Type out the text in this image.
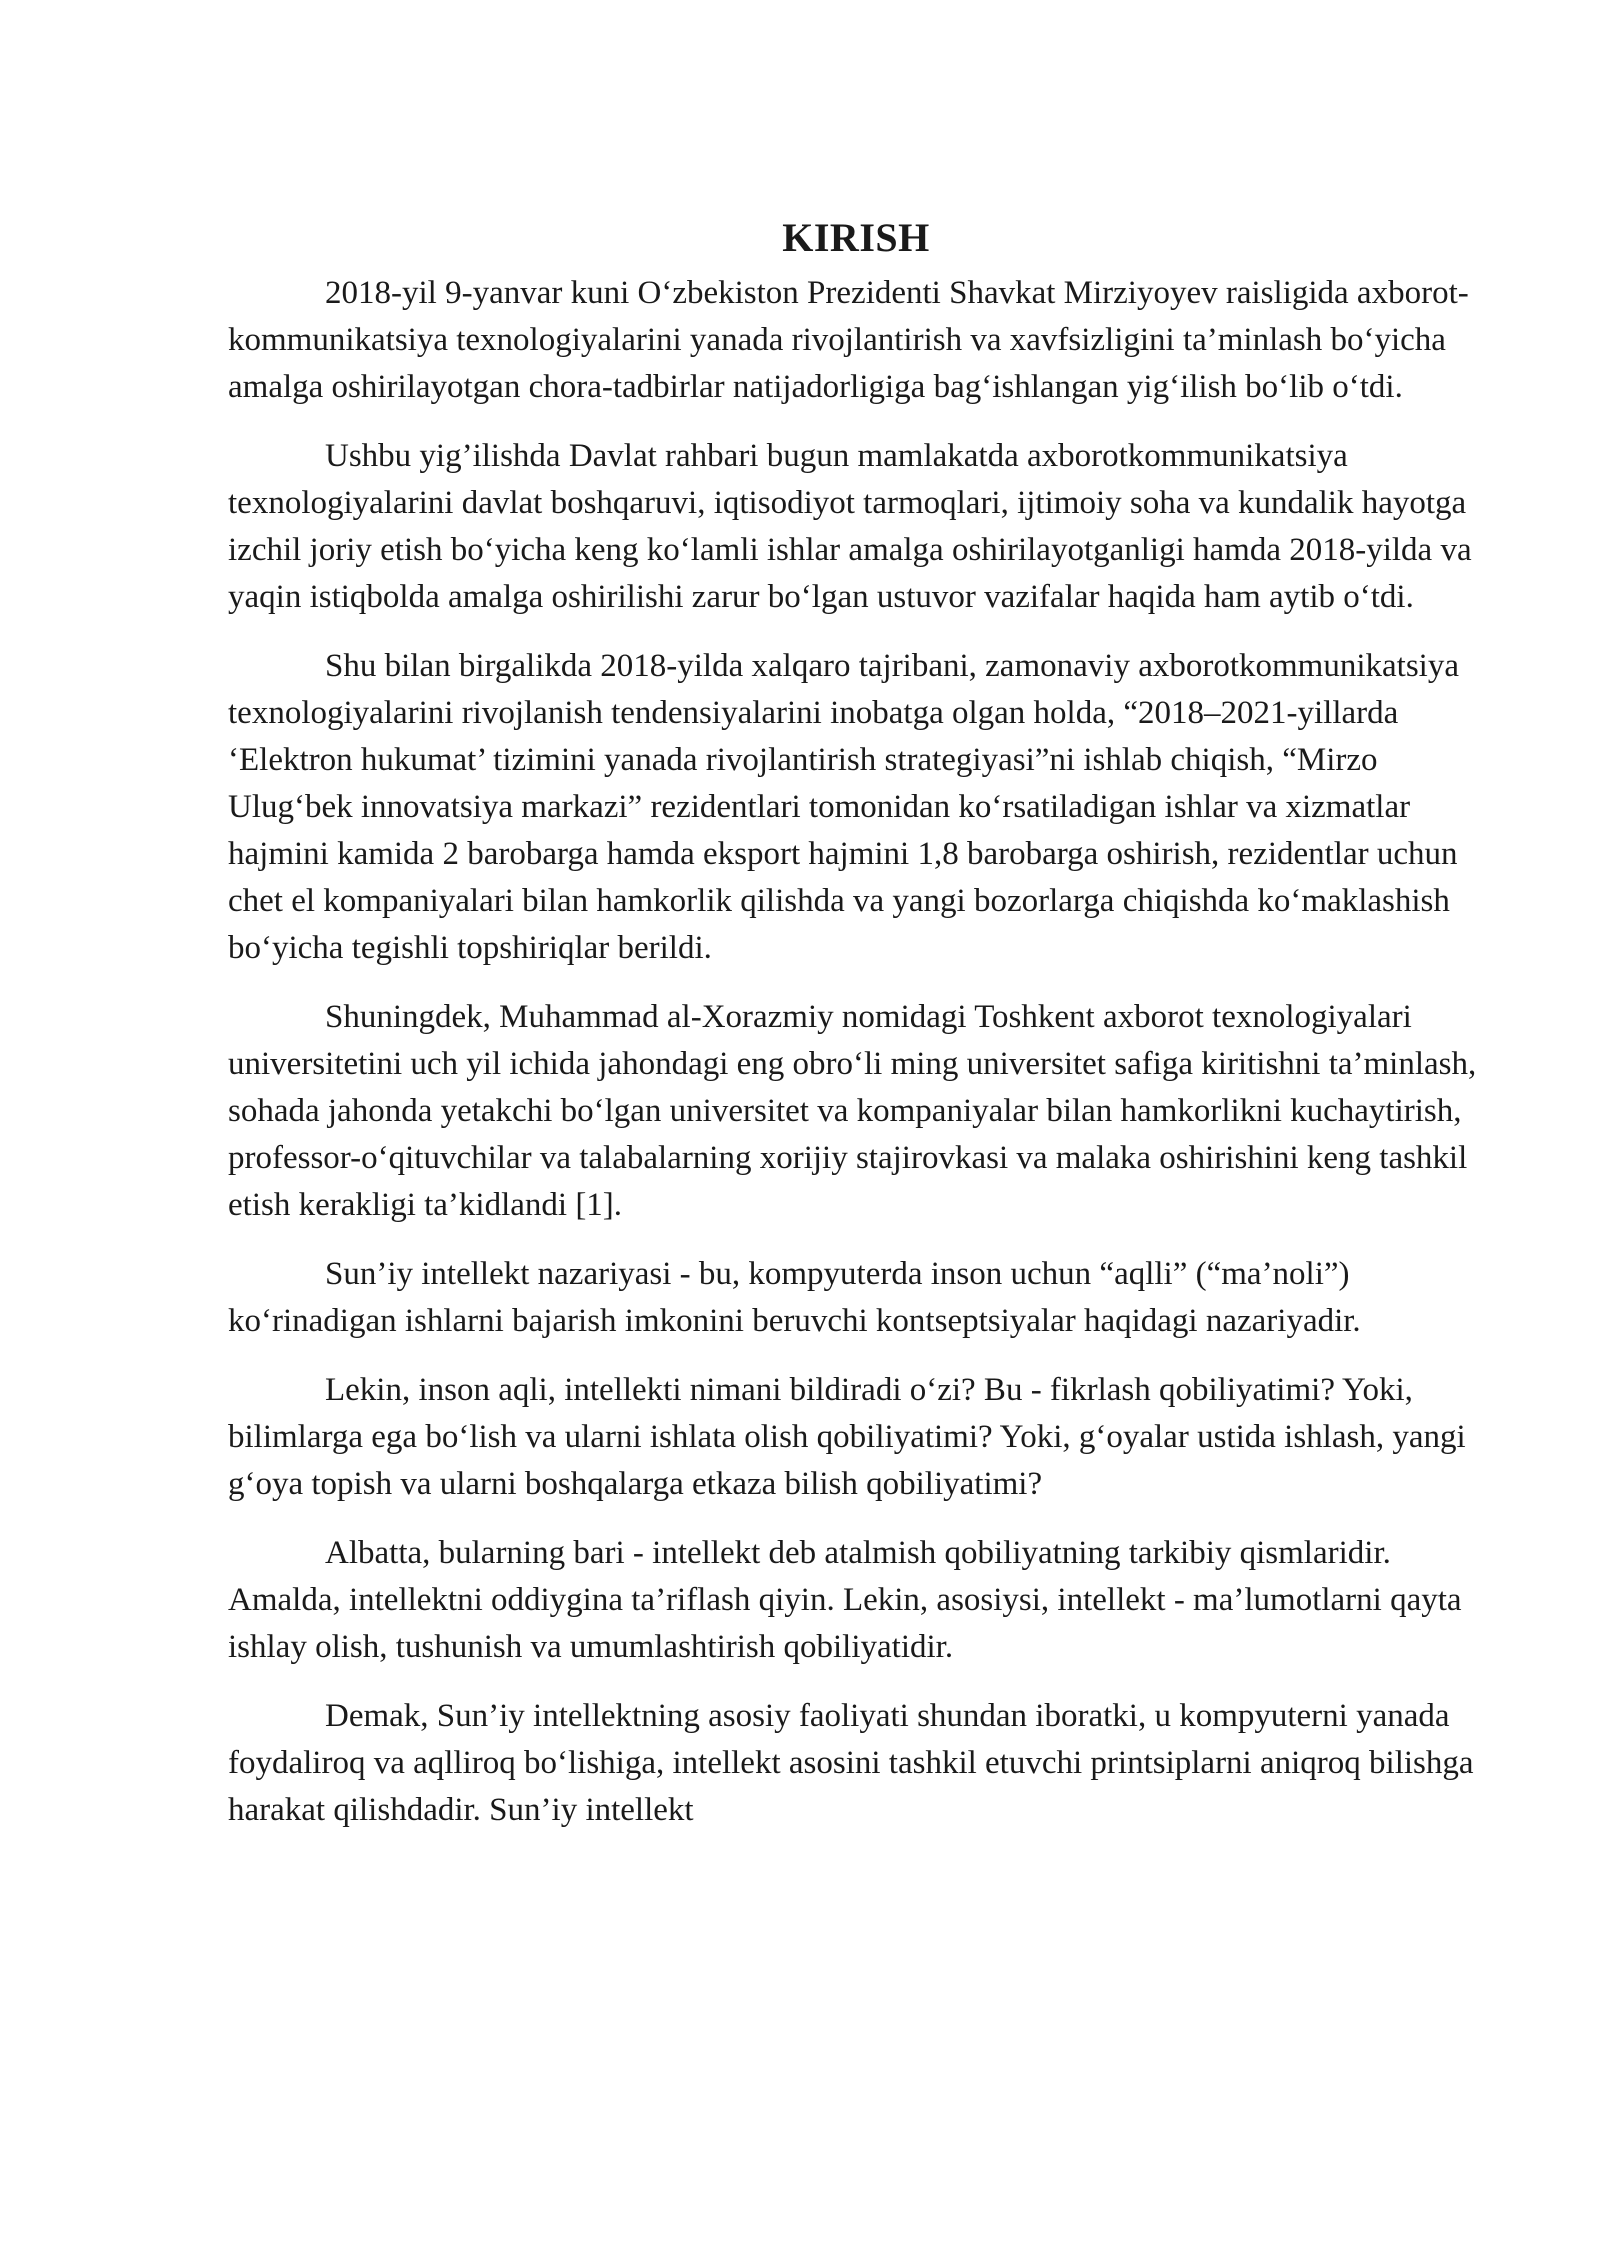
KIRISH

2018-yil 9-yanvar kuni O‘zbekiston Prezidenti Shavkat Mirziyoyev raisligida axborot-kommunikatsiya texnologiyalarini yanada rivojlantirish va xavfsizligini ta’minlash bo‘yicha amalga oshirilayotgan chora-tadbirlar natijadorligiga bag‘ishlangan yig‘ilish bo‘lib o‘tdi.

Ushbu yig’ilishda Davlat rahbari bugun mamlakatda axborotkommunikatsiya texnologiyalarini davlat boshqaruvi, iqtisodiyot tarmoqlari, ijtimoiy soha va kundalik hayotga izchil joriy etish bo‘yicha keng ko‘lamli ishlar amalga oshirilayotganligi hamda 2018-yilda va yaqin istiqbolda amalga oshirilishi zarur bo‘lgan ustuvor vazifalar haqida ham aytib o‘tdi.

Shu bilan birgalikda 2018-yilda xalqaro tajribani, zamonaviy axborotkommunikatsiya texnologiyalarini rivojlanish tendensiyalarini inobatga olgan holda, “2018–2021-yillarda ‘Elektron hukumat’ tizimini yanada rivojlantirish strategiyasi”ni ishlab chiqish, “Mirzo Ulug‘bek innovatsiya markazi” rezidentlari tomonidan ko‘rsatiladigan ishlar va xizmatlar hajmini kamida 2 barobarga hamda eksport hajmini 1,8 barobarga oshirish, rezidentlar uchun chet el kompaniyalari bilan hamkorlik qilishda va yangi bozorlarga chiqishda ko‘maklashish bo‘yicha tegishli topshiriqlar berildi.

Shuningdek, Muhammad al-Xorazmiy nomidagi Toshkent axborot texnologiyalari universitetini uch yil ichida jahondagi eng obro‘li ming universitet safiga kiritishni ta’minlash, sohada jahonda yetakchi bo‘lgan universitet va kompaniyalar bilan hamkorlikni kuchaytirish, professor-o‘qituvchilar va talabalarning xorijiy stajirovkasi va malaka oshirishini keng tashkil etish kerakligi ta’kidlandi [1].

Sun’iy intellekt nazariyasi - bu, kompyuterda inson uchun “aqlli” (“ma’noli”) ko‘rinadigan ishlarni bajarish imkonini beruvchi kontseptsiyalar haqidagi nazariyadir.

Lekin, inson aqli, intellekti nimani bildiradi o‘zi? Bu - fikrlash qobiliyatimi? Yoki, bilimlarga ega bo‘lish va ularni ishlata olish qobiliyatimi? Yoki, g‘oyalar ustida ishlash, yangi g‘oya topish va ularni boshqalarga etkaza bilish qobiliyatimi?

Albatta, bularning bari - intellekt deb atalmish qobiliyatning tarkibiy qismlaridir. Amalda, intellektni oddiygina ta’riflash qiyin. Lekin, asosiysi, intellekt - ma’lumotlarni qayta ishlay olish, tushunish va umumlashtirish qobiliyatidir.

Demak, Sun’iy intellektning asosiy faoliyati shundan iboratki, u kompyuterni yanada foydaliroq va aqlliroq bo‘lishiga, intellekt asosini tashkil etuvchi printsiplarni aniqroq bilishga harakat qilishdadir. Sun’iy intellekt
